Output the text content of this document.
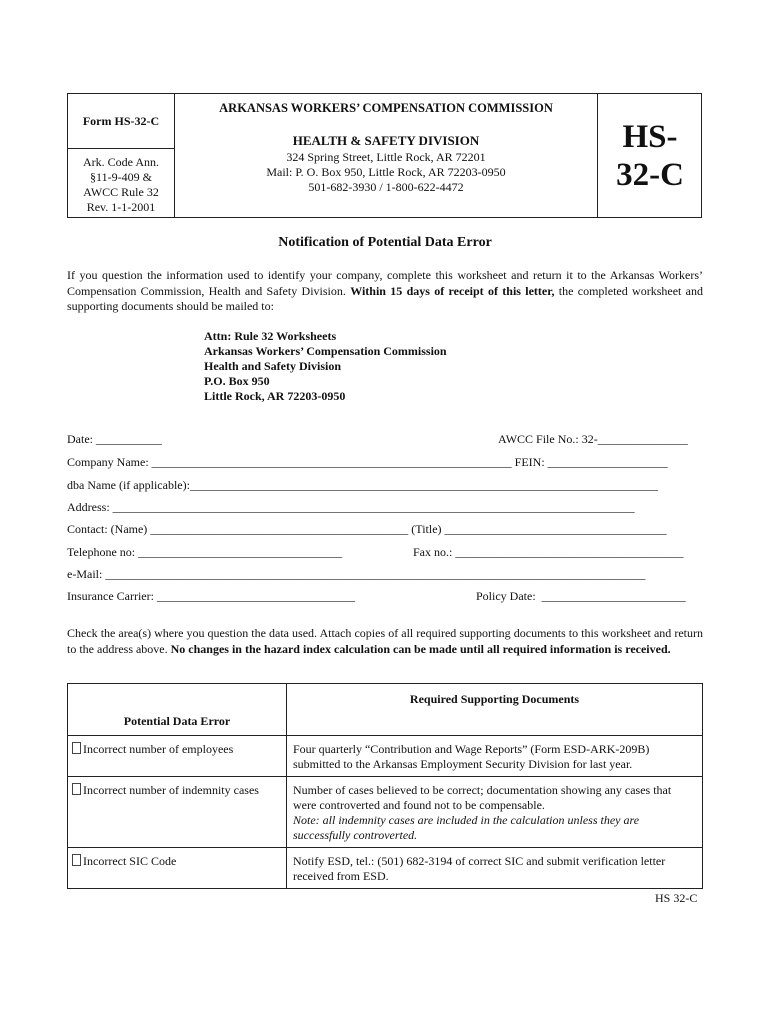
Form HS-32-C
Ark. Code Ann.
§11-9-409 &
AWCC Rule 32
Rev. 1-1-2001
ARKANSAS WORKERS’ COMPENSATION COMMISSION
HEALTH & SAFETY DIVISION
324 Spring Street, Little Rock, AR 72201
Mail: P. O. Box 950, Little Rock, AR 72203-0950
501-682-3930 / 1-800-622-4472
HS-
32-C
Notification of Potential Data Error
If you question the information used to identify your company, complete this worksheet and return it to the Arkansas Workers’ Compensation Commission, Health and Safety Division. Within 15 days of receipt of this letter, the completed worksheet and supporting documents should be mailed to:
Attn: Rule 32 Worksheets
Arkansas Workers’ Compensation Commission
Health and Safety Division
P.O. Box 950
Little Rock, AR 72203-0950
Date: ___________	AWCC File No.: 32-_______________
Company Name: ____________________________________________________________ FEIN: ____________________
dba Name (if applicable):______________________________________________________________________________
Address: _______________________________________________________________________________________
Contact: (Name) ___________________________________________ (Title) _____________________________________
Telephone no: __________________________________	Fax no.: ______________________________________
e-Mail: __________________________________________________________________________________________
Insurance Carrier: _________________________________	Policy Date:  ________________________
Check the area(s) where you question the data used. Attach copies of all required supporting documents to this worksheet and return to the address above. No changes in the hazard index calculation can be made until all required information is received.
Potential Data Error	Required Supporting Documents
Incorrect number of employees	Four quarterly “Contribution and Wage Reports” (Form ESD-ARK-209B) submitted to the Arkansas Employment Security Division for last year.
Incorrect number of indemnity cases	Number of cases believed to be correct; documentation showing any cases that were controverted and found not to be compensable.
Note: all indemnity cases are included in the calculation unless they are successfully controverted.

Incorrect SIC Code	Notify ESD, tel.: (501) 682-3194 of correct SIC and submit verification letter received from ESD.
HS 32-C
